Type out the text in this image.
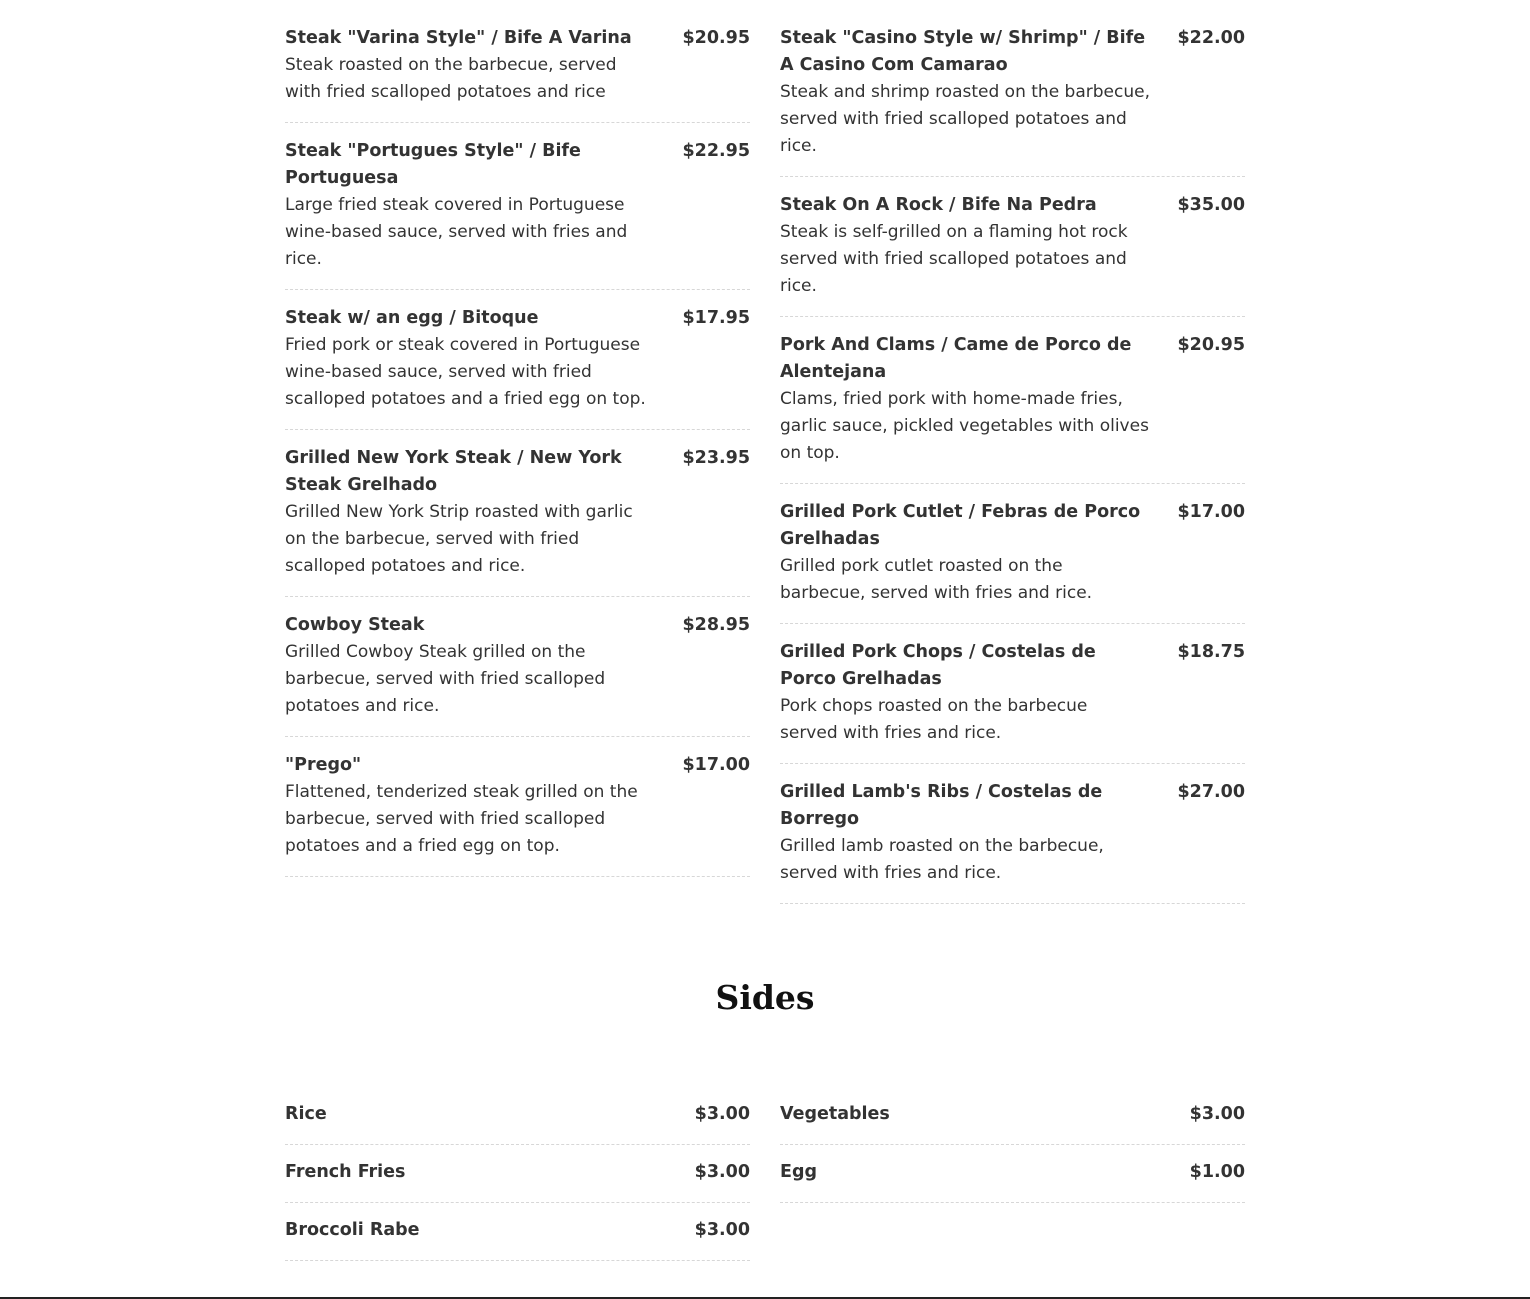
Steak "Varina Style" / Bife A Varina
Steak roasted on the barbecue, served with fried scalloped potatoes and rice
$20.95
Steak "Portugues Style" / Bife Portuguesa
Large fried steak covered in Portuguese wine-based sauce, served with fries and rice.
$22.95
Steak w/ an egg / Bitoque
Fried pork or steak covered in Portuguese wine-based sauce, served with fried scalloped potatoes and a fried egg on top.
$17.95
Grilled New York Steak / New York Steak Grelhado
Grilled New York Strip roasted with garlic on the barbecue, served with fried scalloped potatoes and rice.
$23.95
Cowboy Steak
Grilled Cowboy Steak grilled on the barbecue, served with fried scalloped potatoes and rice.
$28.95
"Prego"
Flattened, tenderized steak grilled on the barbecue, served with fried scalloped potatoes and a fried egg on top.
$17.00
Steak "Casino Style w/ Shrimp" / Bife A Casino Com Camarao
Steak and shrimp roasted on the barbecue, served with fried scalloped potatoes and rice.
$22.00
Steak On A Rock / Bife Na Pedra
Steak is self-grilled on a flaming hot rock served with fried scalloped potatoes and rice.
$35.00
Pork And Clams / Came de Porco de Alentejana
Clams, fried pork with home-made fries, garlic sauce, pickled vegetables with olives on top.
$20.95
Grilled Pork Cutlet / Febras de Porco Grelhadas
Grilled pork cutlet roasted on the barbecue, served with fries and rice.
$17.00
Grilled Pork Chops / Costelas de Porco Grelhadas
Pork chops roasted on the barbecue served with fries and rice.
$18.75
Grilled Lamb's Ribs / Costelas de Borrego
Grilled lamb roasted on the barbecue, served with fries and rice.
$27.00
Sides
Rice	$3.00
French Fries	$3.00
Broccoli Rabe	$3.00
Vegetables	$3.00
Egg	$1.00
